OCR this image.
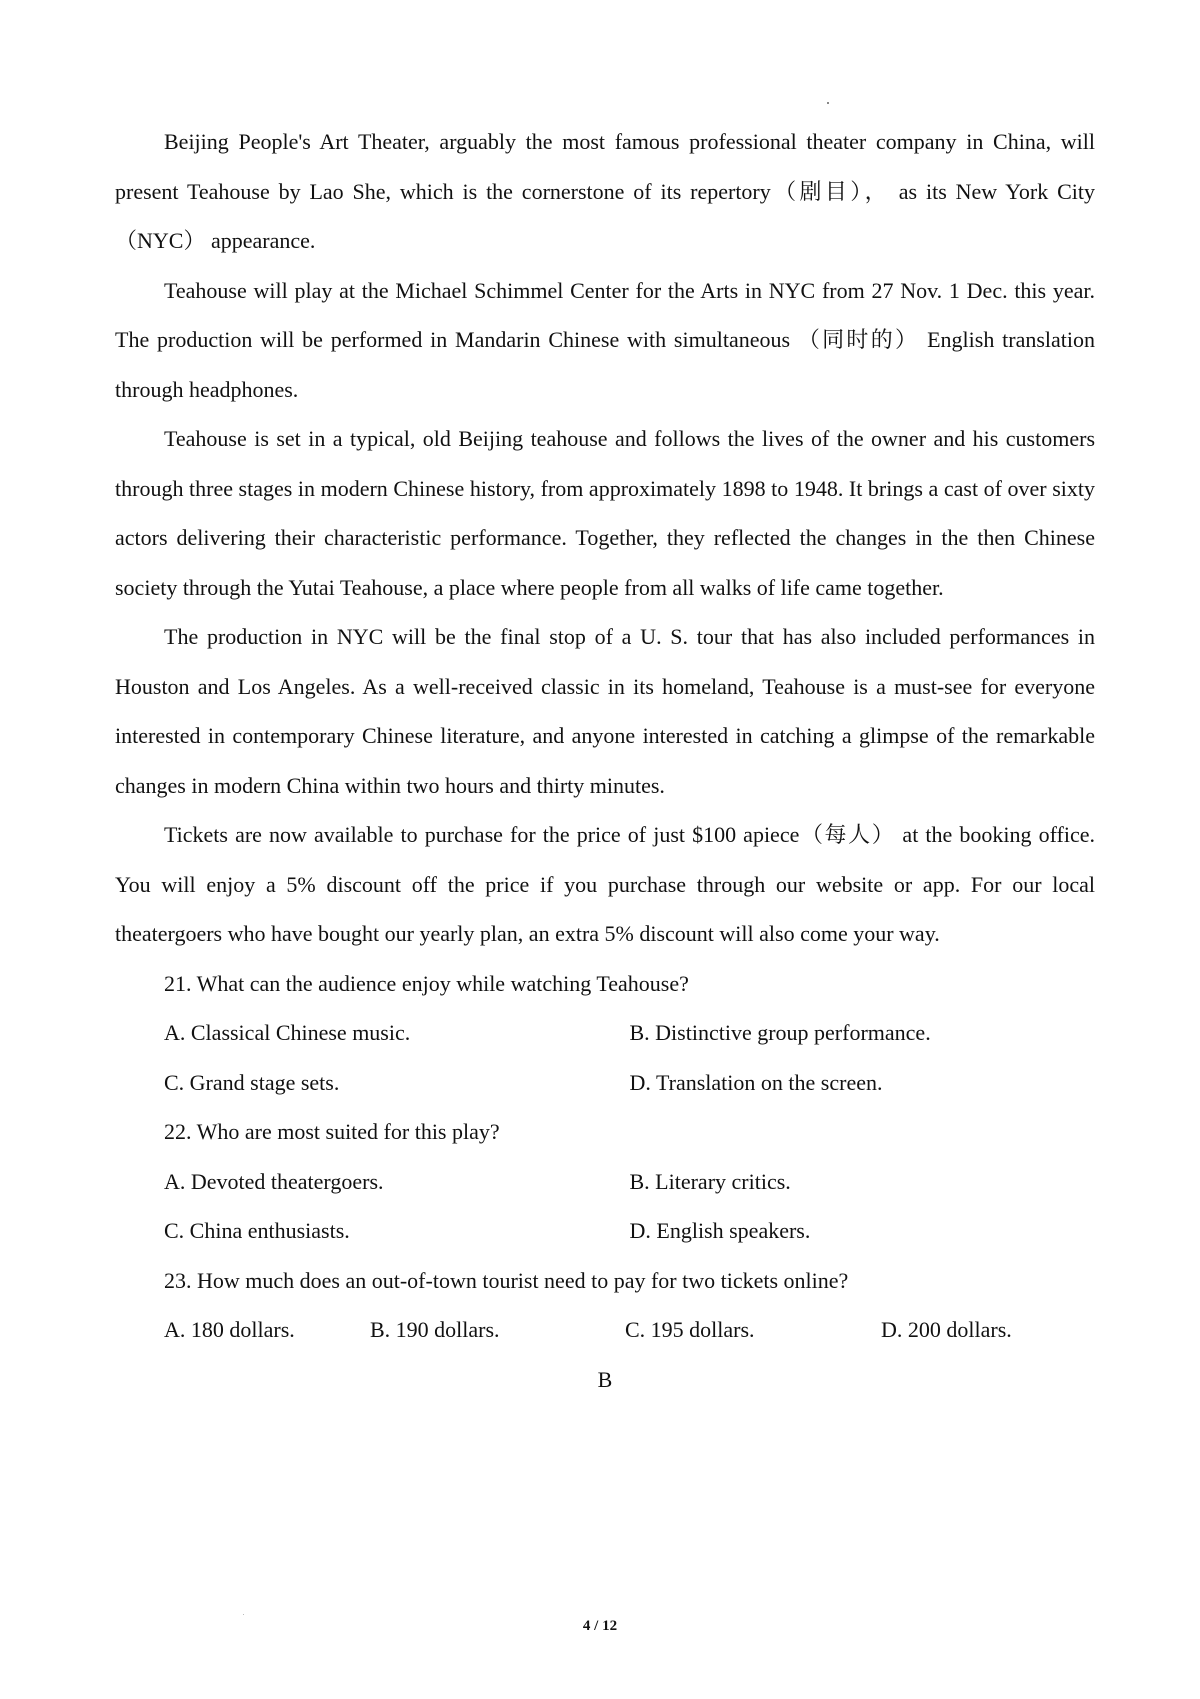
Beijing People's Art Theater, arguably the most famous professional theater company in China, will present Teahouse by Lao She, which is the cornerstone of its repertory（剧目）， as its New York City（NYC） appearance.

Teahouse will play at the Michael Schimmel Center for the Arts in NYC from 27 Nov. 1 Dec. this year. The production will be performed in Mandarin Chinese with simultaneous （同时的） English translation through headphones.

Teahouse is set in a typical, old Beijing teahouse and follows the lives of the owner and his customers through three stages in modern Chinese history, from approximately 1898 to 1948. It brings a cast of over sixty actors delivering their characteristic performance. Together, they reflected the changes in the then Chinese society through the Yutai Teahouse, a place where people from all walks of life came together.

The production in NYC will be the final stop of a U. S. tour that has also included performances in Houston and Los Angeles. As a well-received classic in its homeland, Teahouse is a must-see for everyone interested in contemporary Chinese literature, and anyone interested in catching a glimpse of the remarkable changes in modern China within two hours and thirty minutes.

Tickets are now available to purchase for the price of just $100 apiece（每人） at the booking office. You will enjoy a 5% discount off the price if you purchase through our website or app. For our local theatergoers who have bought our yearly plan, an extra 5% discount will also come your way.

21. What can the audience enjoy while watching Teahouse?

A. Classical Chinese music.	B. Distinctive group performance.
C. Grand stage sets.	D. Translation on the screen.

22. Who are most suited for this play?

A. Devoted theatergoers.	B. Literary critics.
C. China enthusiasts.	D. English speakers.

23. How much does an out-of-town tourist need to pay for two tickets online?

A. 180 dollars.	B. 190 dollars.	C. 195 dollars.	D. 200 dollars.

B

4 / 12
